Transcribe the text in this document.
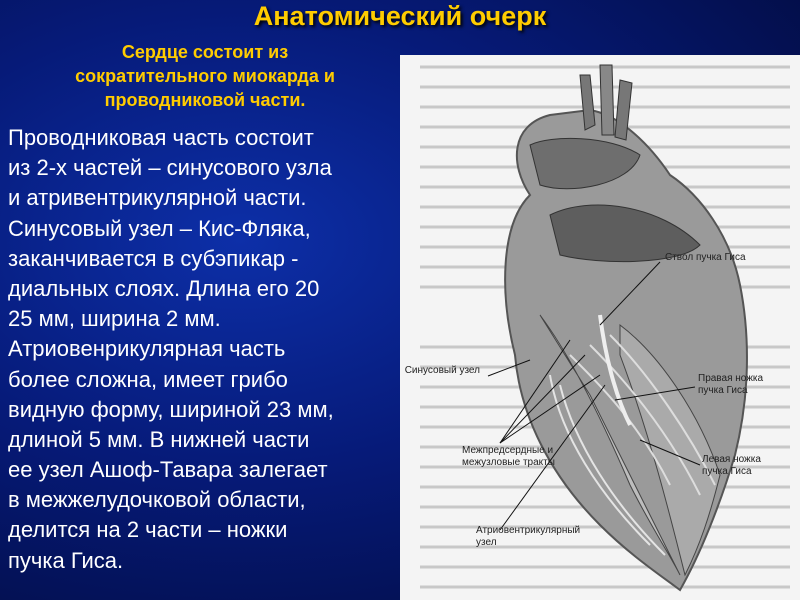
Анатомический очерк
Сердце состоит из
сократительного миокарда и
проводниковой части.
Проводниковая часть состоит
из 2-х частей – синусового узла
и атривентрикулярной части.
Синусовый узел – Кис-Фляка,
заканчивается в субэпикар -
диальных слоях. Длина его 20
25 мм, ширина 2 мм.
Атриовенрикулярная часть
более сложна, имеет грибо
видную форму, шириной 23 мм,
длиной 5 мм. В нижней части
ее узел Ашоф-Тавара залегает
в межжелудочковой области,
делится на 2 части – ножки
пучка Гиса.
Ствол пучка Гиса
Синусовый узел
Правая ножка
пучка Гиса
Межпредсердные и
межузловые тракты	Левая ножка
пучка Гиса
Атриовентрикулярный
узел
